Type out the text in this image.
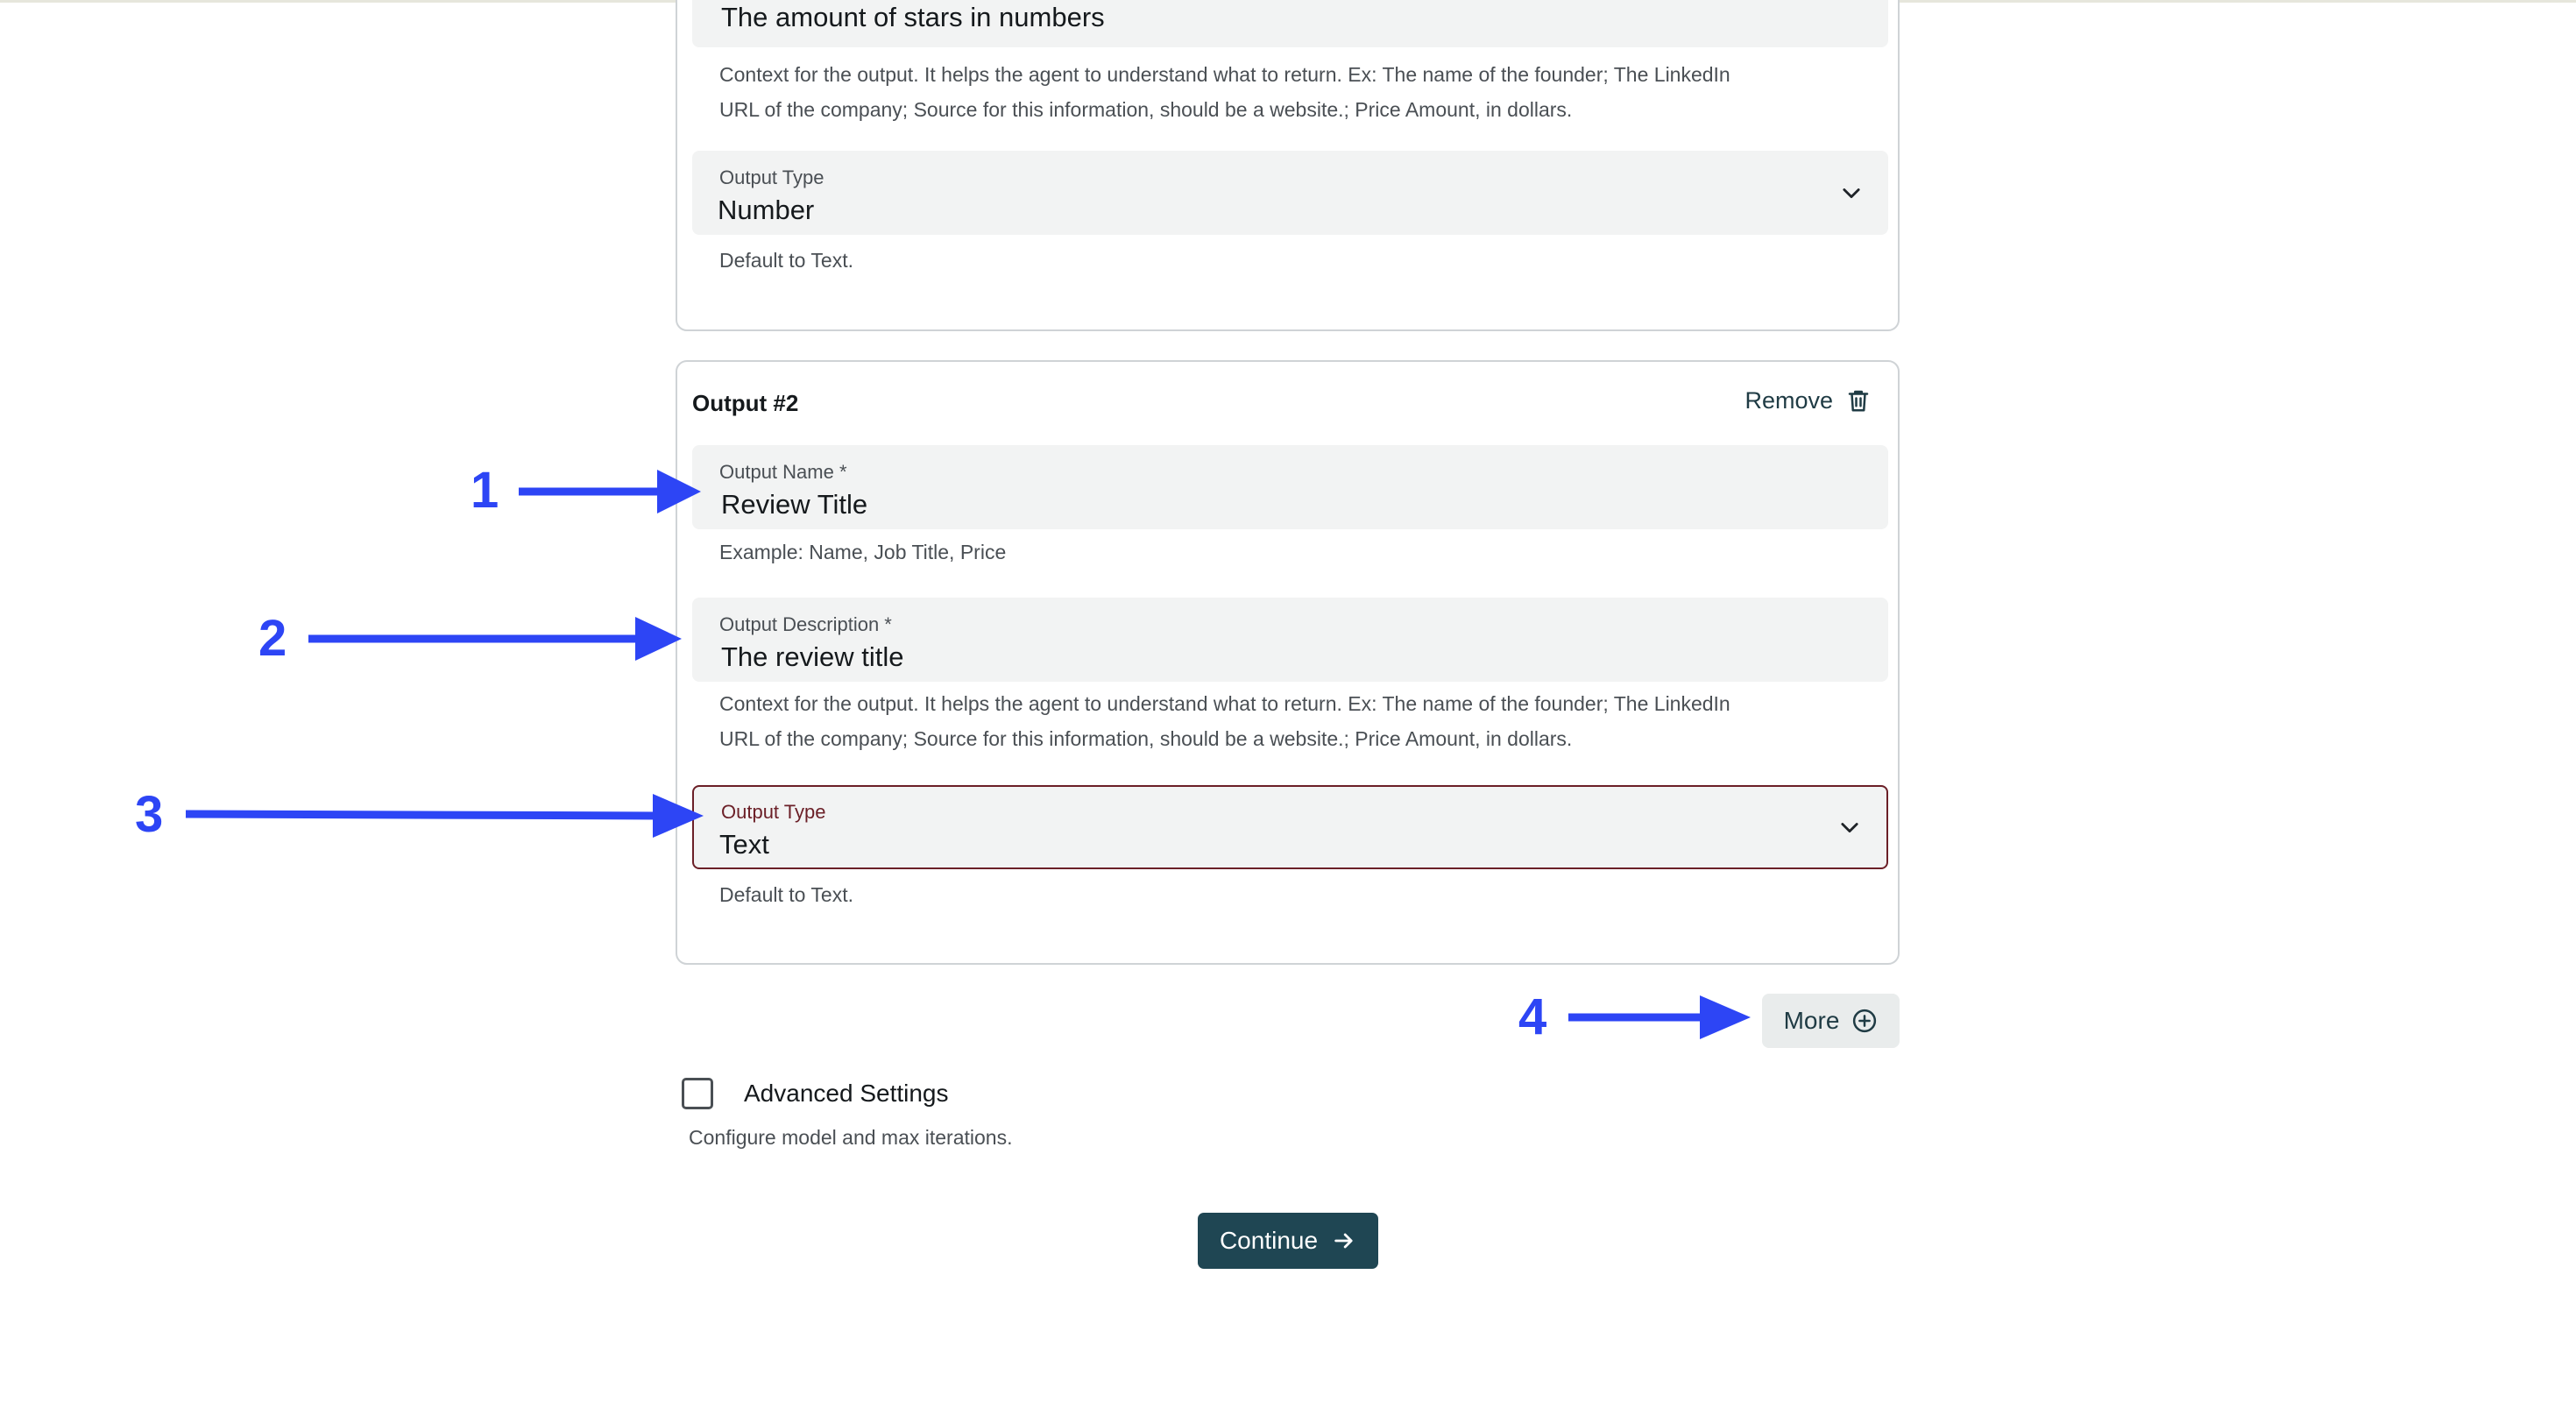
The amount of stars in numbers
Context for the output. It helps the agent to understand what to return. Ex: The name of the founder; The LinkedIn
URL of the company; Source for this information, should be a website.; Price Amount, in dollars.
Output Type
Number
Default to Text.
Output #2	Remove
Output Name *
Review Title
Example: Name, Job Title, Price
Output Description *
The review title
Context for the output. It helps the agent to understand what to return. Ex: The name of the founder; The LinkedIn
URL of the company; Source for this information, should be a website.; Price Amount, in dollars.
Output Type
Text
Default to Text.
More
Advanced Settings
Configure model and max iterations.
Continue
1
2
3
4
